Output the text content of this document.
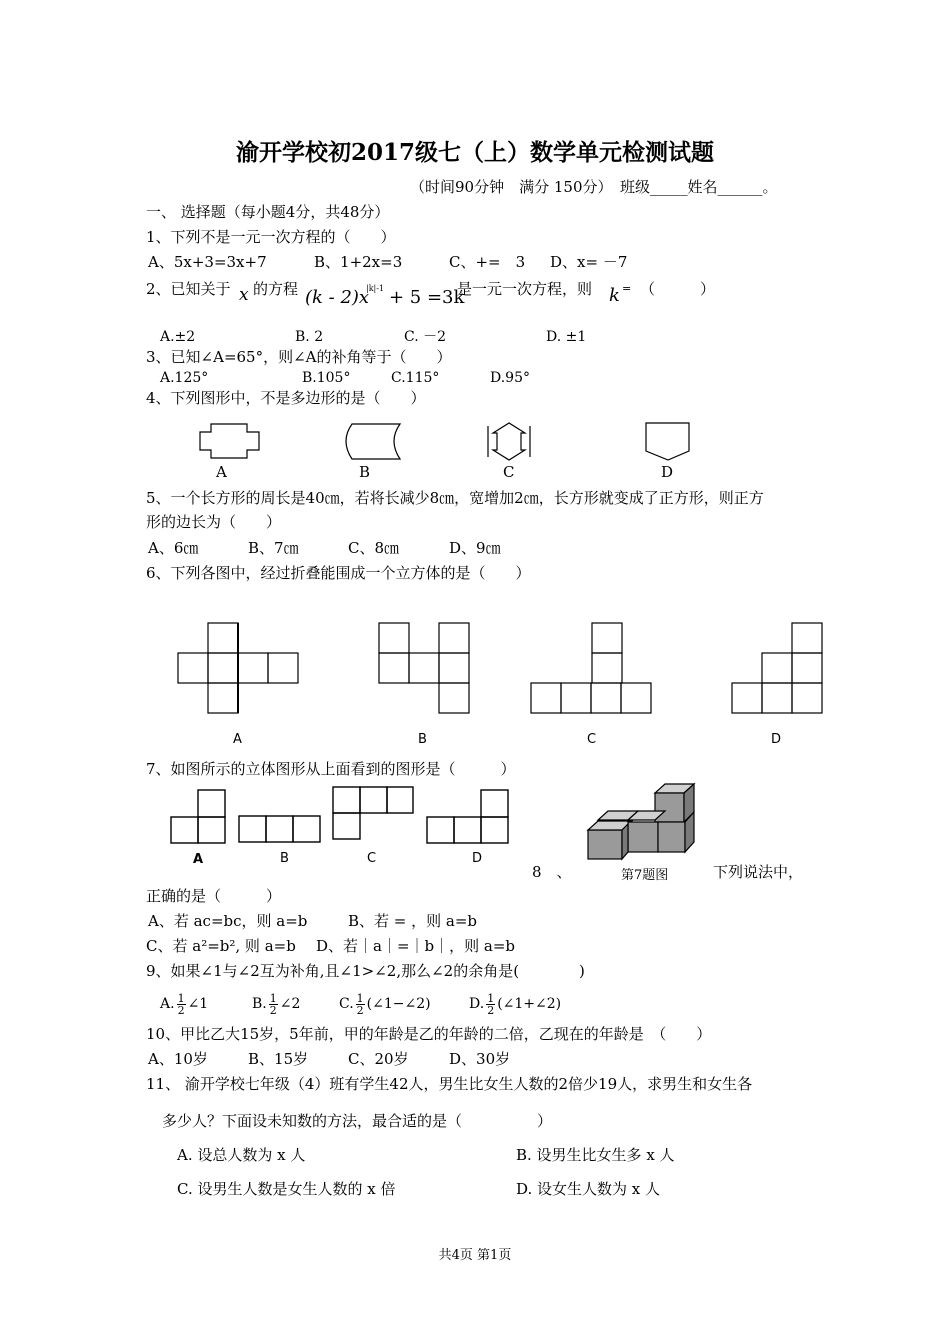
渝开学校初2017级七（上）数学单元检测试题
（时间90分钟　满分 150分）　班级_____姓名______。
一、 选择题（每小题4分，共48分）
1、下列不是一元一次方程的（　　）
A、5x+3=3x+7	B、1+2x=3	C、+=　3 D、x= －7
2、已知关于 x 的方程 (k - 2)x
|k|-1 + 5 =3k
是一元一次方程，则 k = （　　　）
A.±2	B. 2	C. －2	D. ±1
3、已知∠A=65°，则∠A的补角等于（　　）
A.125°	B.105°	C.115°	D.95°
4、下列图形中，不是多边形的是（　　）
A	B	C	D
5、一个长方形的周长是40㎝，若将长减少8㎝，宽增加2㎝，长方形就变成了正方形，则正方
形的边长为（　　）
A、6㎝	B、7㎝	C、8㎝	D、9㎝
6、下列各图中，经过折叠能围成一个立方体的是（　　）
A	B	C	D
7、如图所示的立体图形从上面看到的图形是（　　　）
A	B	C	D
第7题图
8　、	下列说法中，
正确的是（　　　）
A、若 ac=bc，则 a=b	B、若 = ，则 a=b
C、若 a²=b², 则 a=b D、若｜a｜=｜b｜，则 a=b
9、如果∠1与∠2互为补角,且∠1>∠2,那么∠2的余角是(　　　　)
A. $\frac{1}{2}$ ∠1	B. $\frac{1}{2}$ ∠2	C. $\frac{1}{2}$ (∠1−∠2)	D. $\frac{1}{2}$ (∠1+∠2)
10、甲比乙大15岁，5年前，甲的年龄是乙的年龄的二倍，乙现在的年龄是　（　　）
A、10岁	B、15岁	C、20岁	D、30岁
11、 渝开学校七年级（4）班有学生42人，男生比女生人数的2倍少19人，求男生和女生各
多少人？下面设未知数的方法，最合适的是（　　　　　）
A. 设总人数为 x 人	B. 设男生比女生多 x 人
C. 设男生人数是女生人数的 x 倍	D. 设女生人数为 x 人
共4页 第1页
